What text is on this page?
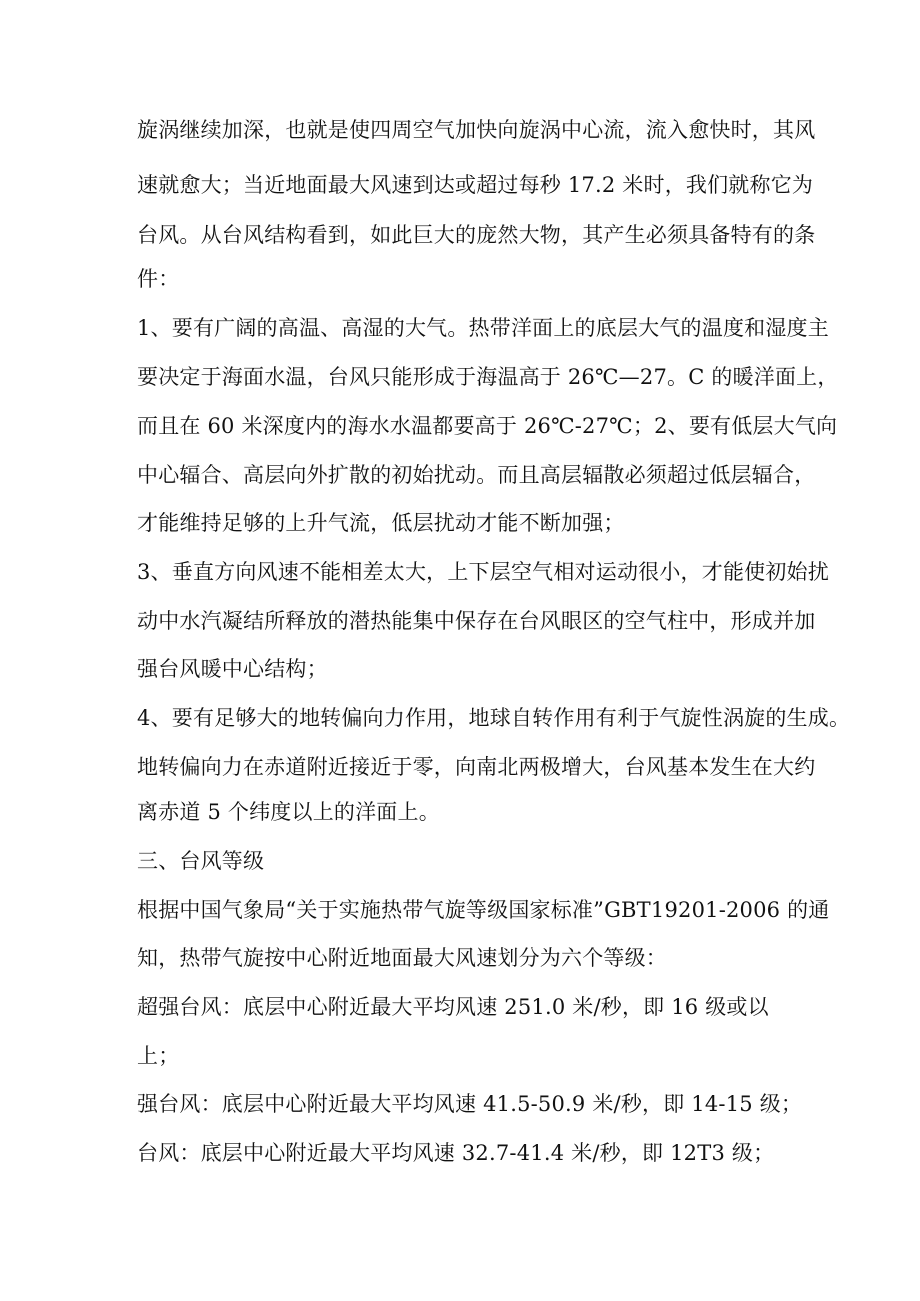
旋涡继续加深，也就是使四周空气加快向旋涡中心流，流入愈快时，其风
速就愈大；当近地面最大风速到达或超过每秒 17.2 米时，我们就称它为
台风。从台风结构看到，如此巨大的庞然大物，其产生必须具备特有的条
件：
1、要有广阔的高温、高湿的大气。热带洋面上的底层大气的温度和湿度主
要决定于海面水温，台风只能形成于海温高于 26℃—27。C 的暖洋面上，
而且在 60 米深度内的海水水温都要高于 26℃-27℃；2、要有低层大气向
中心辐合、高层向外扩散的初始扰动。而且高层辐散必须超过低层辐合，
才能维持足够的上升气流，低层扰动才能不断加强；
3、垂直方向风速不能相差太大，上下层空气相对运动很小，才能使初始扰
动中水汽凝结所释放的潜热能集中保存在台风眼区的空气柱中，形成并加
强台风暖中心结构；
4、要有足够大的地转偏向力作用，地球自转作用有利于气旋性涡旋的生成。
地转偏向力在赤道附近接近于零，向南北两极增大，台风基本发生在大约
离赤道 5 个纬度以上的洋面上。
三、台风等级
根据中国气象局“关于实施热带气旋等级国家标准”GBT19201-2006 的通
知，热带气旋按中心附近地面最大风速划分为六个等级：
超强台风：底层中心附近最大平均风速 251.0 米/秒，即 16 级或以
上；
强台风：底层中心附近最大平均风速 41.5-50.9 米/秒，即 14-15 级；
台风：底层中心附近最大平均风速 32.7-41.4 米/秒，即 12T3 级；
